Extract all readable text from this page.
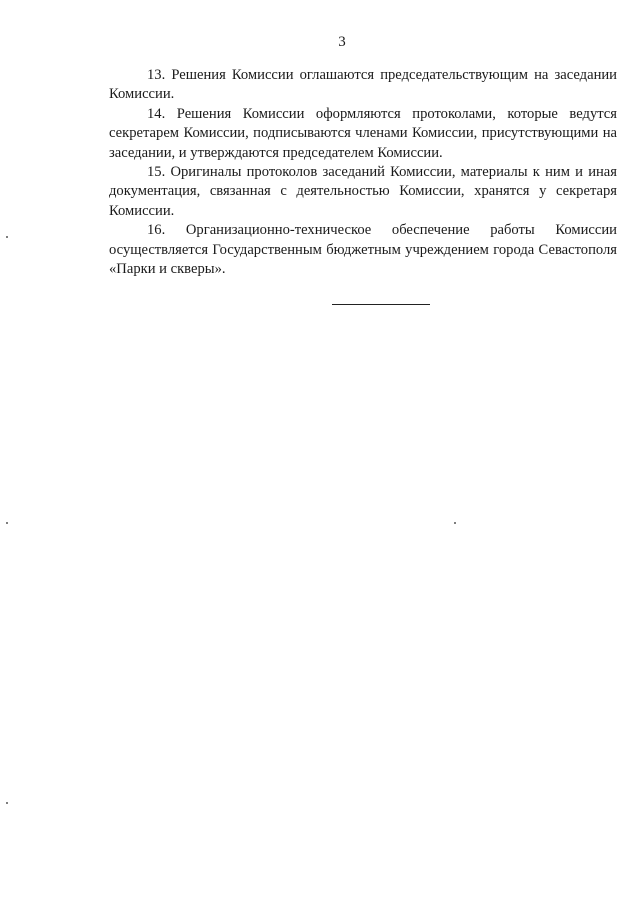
3

13. Решения Комиссии оглашаются председательствующим на заседании Комиссии.

14. Решения Комиссии оформляются протоколами, которые ведутся секретарем Комиссии, подписываются членами Комиссии, присутствующими на заседании, и утверждаются председателем Комиссии.

15. Оригиналы протоколов заседаний Комиссии, материалы к ним и иная документация, связанная с деятельностью Комиссии, хранятся у секретаря Комиссии.

16. Организационно-техническое обеспечение работы Комиссии осуществляется Государственным бюджетным учреждением города Севастополя «Парки и скверы».
